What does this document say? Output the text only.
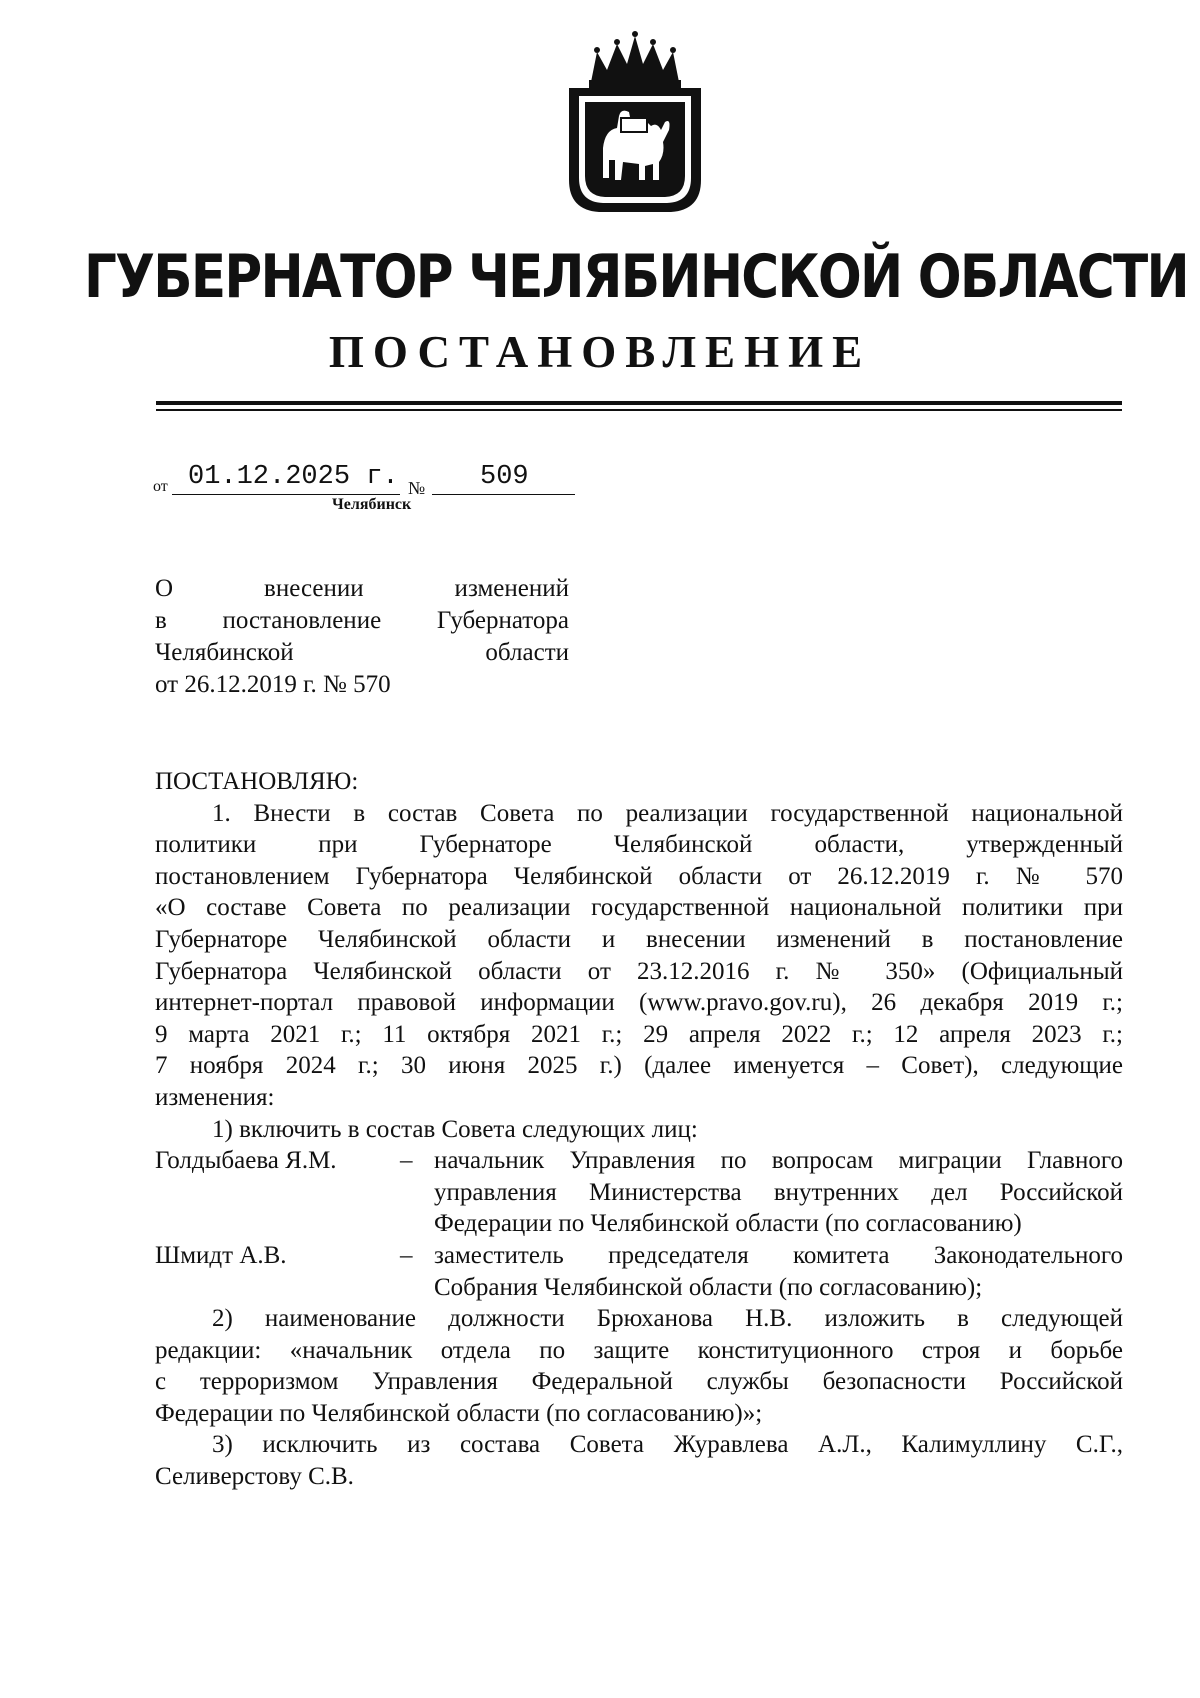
ГУБЕРНАТОР ЧЕЛЯБИНСКОЙ ОБЛАСТИ
ПОСТАНОВЛЕНИЕ
от 01.12.2025 г. № 509
Челябинск
О внесении изменений
в постановление Губернатора
Челябинской области
от 26.12.2019 г. № 570
ПОСТАНОВЛЯЮ:
1. Внести в состав Совета по реализации государственной национальной
политики при Губернаторе Челябинской области, утвержденный
постановлением Губернатора Челябинской области от 26.12.2019 г. № 570
«О составе Совета по реализации государственной национальной политики при
Губернаторе Челябинской области и внесении изменений в постановление
Губернатора Челябинской области от 23.12.2016 г. № 350» (Официальный
интернет-портал правовой информации (www.pravo.gov.ru), 26 декабря 2019 г.;
9 марта 2021 г.; 11 октября 2021 г.; 29 апреля 2022 г.; 12 апреля 2023 г.;
7 ноября 2024 г.; 30 июня 2025 г.) (далее именуется – Совет), следующие
изменения:
1) включить в состав Совета следующих лиц:
Голдыбаева Я.М.	– начальник Управления по вопросам миграции Главного
управления Министерства внутренних дел Российской
Федерации по Челябинской области (по согласованию)
Шмидт А.В.	– заместитель председателя комитета Законодательного
Собрания Челябинской области (по согласованию);
2) наименование должности Брюханова Н.В. изложить в следующей
редакции: «начальник отдела по защите конституционного строя и борьбе
с терроризмом Управления Федеральной службы безопасности Российской
Федерации по Челябинской области (по согласованию)»;
3) исключить из состава Совета Журавлева А.Л., Калимуллину С.Г.,
Селиверстову С.В.
